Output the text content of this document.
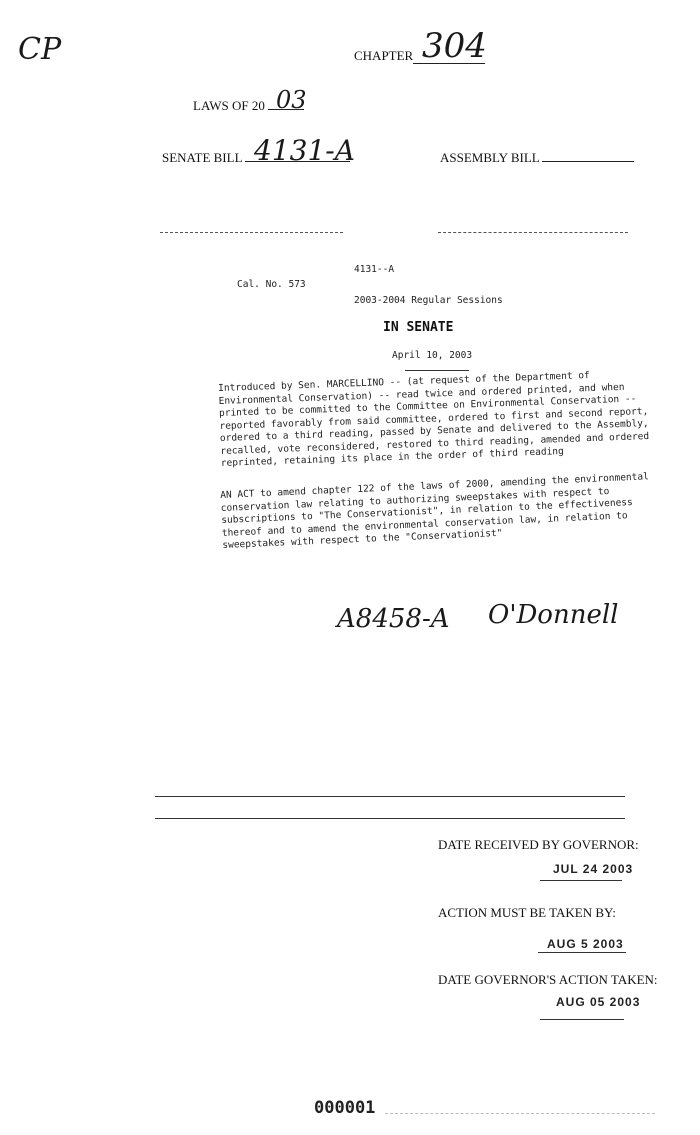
CP	CHAPTER 304
LAWS OF 20 03
SENATE BILL 4131-A	ASSEMBLY BILL
4131--A
Cal. No. 573
2003-2004 Regular Sessions
IN SENATE
April 10, 2003
Introduced by Sen. MARCELLINO -- (at request of the Department of Environmental Conservation) -- read twice and ordered printed, and when printed to be committed to the Committee on Environmental Conservation -- reported favorably from said committee, ordered to first and second report, ordered to a third reading, passed by Senate and delivered to the Assembly, recalled, vote reconsidered, restored to third reading, amended and ordered reprinted, retaining its place in the order of third reading
AN ACT to amend chapter 122 of the laws of 2000, amending the environmental conservation law relating to authorizing sweepstakes with respect to subscriptions to "The Conservationist", in relation to the effectiveness thereof and to amend the environmental conservation law, in relation to sweepstakes with respect to the "Conservationist"
A8458-A O'Donnell
DATE RECEIVED BY GOVERNOR:
JUL 24 2003
ACTION MUST BE TAKEN BY:
AUG 5 2003
DATE GOVERNOR'S ACTION TAKEN:
AUG 05 2003
000001
